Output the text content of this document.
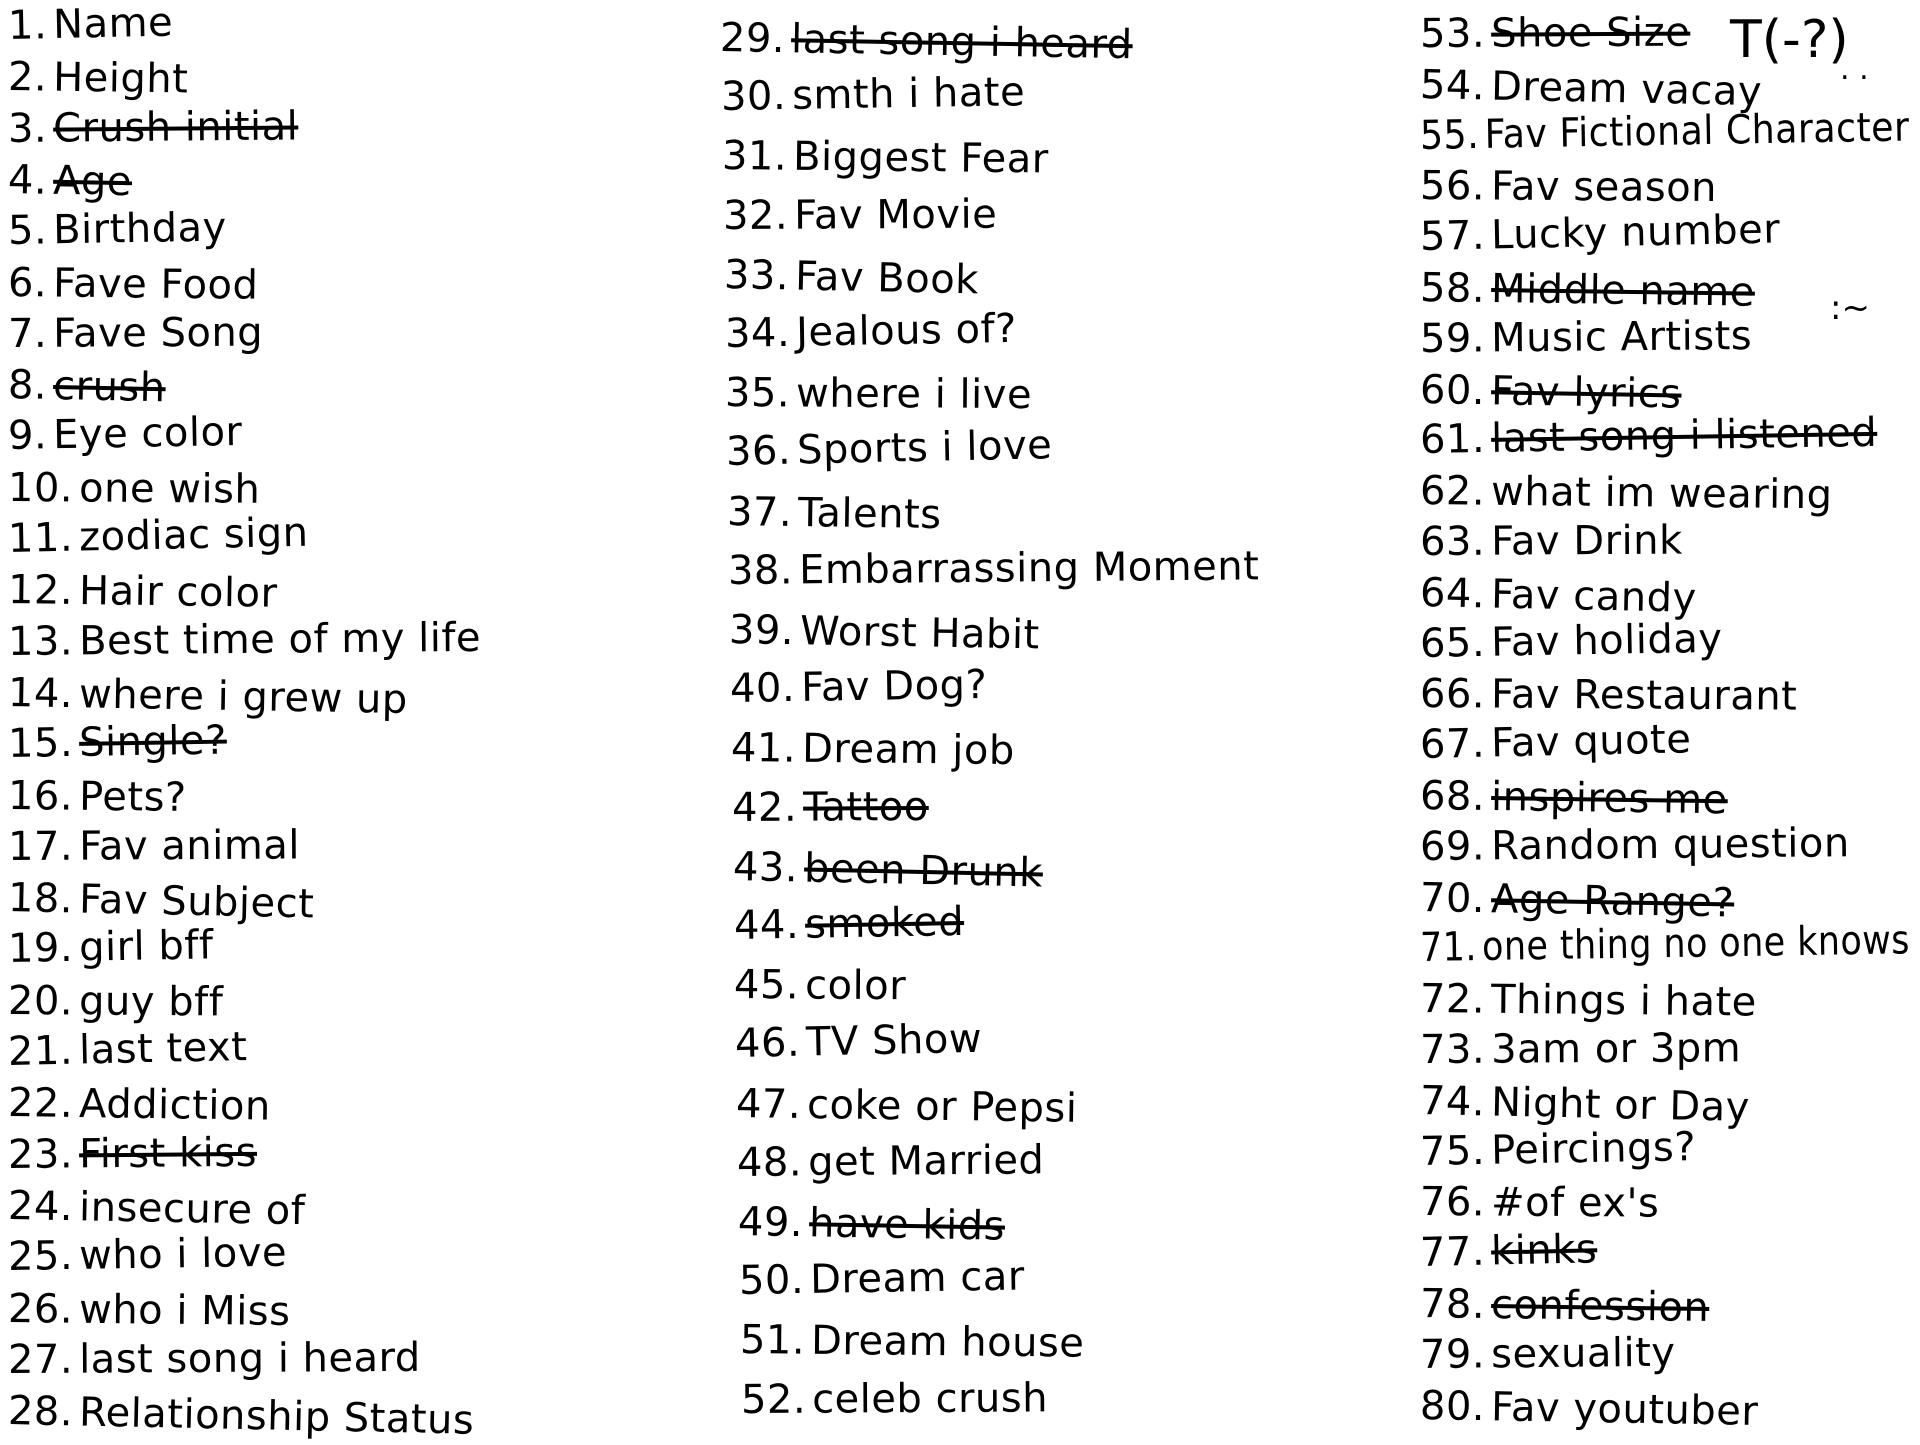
1. Name
2. Height
3. Crush initial
4. Age
5. Birthday
6. Fave Food
7. Fave Song
8. crush
9. Eye color
10. one wish
11. zodiac sign
12. Hair color
13. Best time of my life
14. where i grew up
15. Single?
16. Pets?
17. Fav animal
18. Fav Subject
19. girl bff
20. guy bff
21. last text
22. Addiction
23. First kiss
24. insecure of
25. who i love
26. who i Miss
27. last song i heard
28. Relationship Status
29. last song i heard
30. smth i hate
31. Biggest Fear
32. Fav Movie
33. Fav Book
34. Jealous of?
35. where i live
36. Sports i love
37. Talents
38. Embarrassing Moment
39. Worst Habit
40. Fav Dog?
41. Dream job
42. Tattoo
43. been Drunk
44. smoked
45. color
46. TV Show
47. coke or Pepsi
48. get Married
49. have kids
50. Dream car
51. Dream house
52. celeb crush
53. Shoe Size
54. Dream vacay
55. Fav Fictional Character
56. Fav season
57. Lucky number
58. Middle name
59. Music Artists
60. Fav lyrics
61. last song i listened
62. what im wearing
63. Fav Drink
64. Fav candy
65. Fav holiday
66. Fav Restaurant
67. Fav quote
68. inspires me
69. Random question
70. Age Range?
71. one thing no one knows
72. Things i hate
73. 3am or 3pm
74. Night or Day
75. Peircings?
76. #of ex's
77. kinks
78. confession
79. sexuality
80. Fav youtuber
T(-?)
. .
:~
